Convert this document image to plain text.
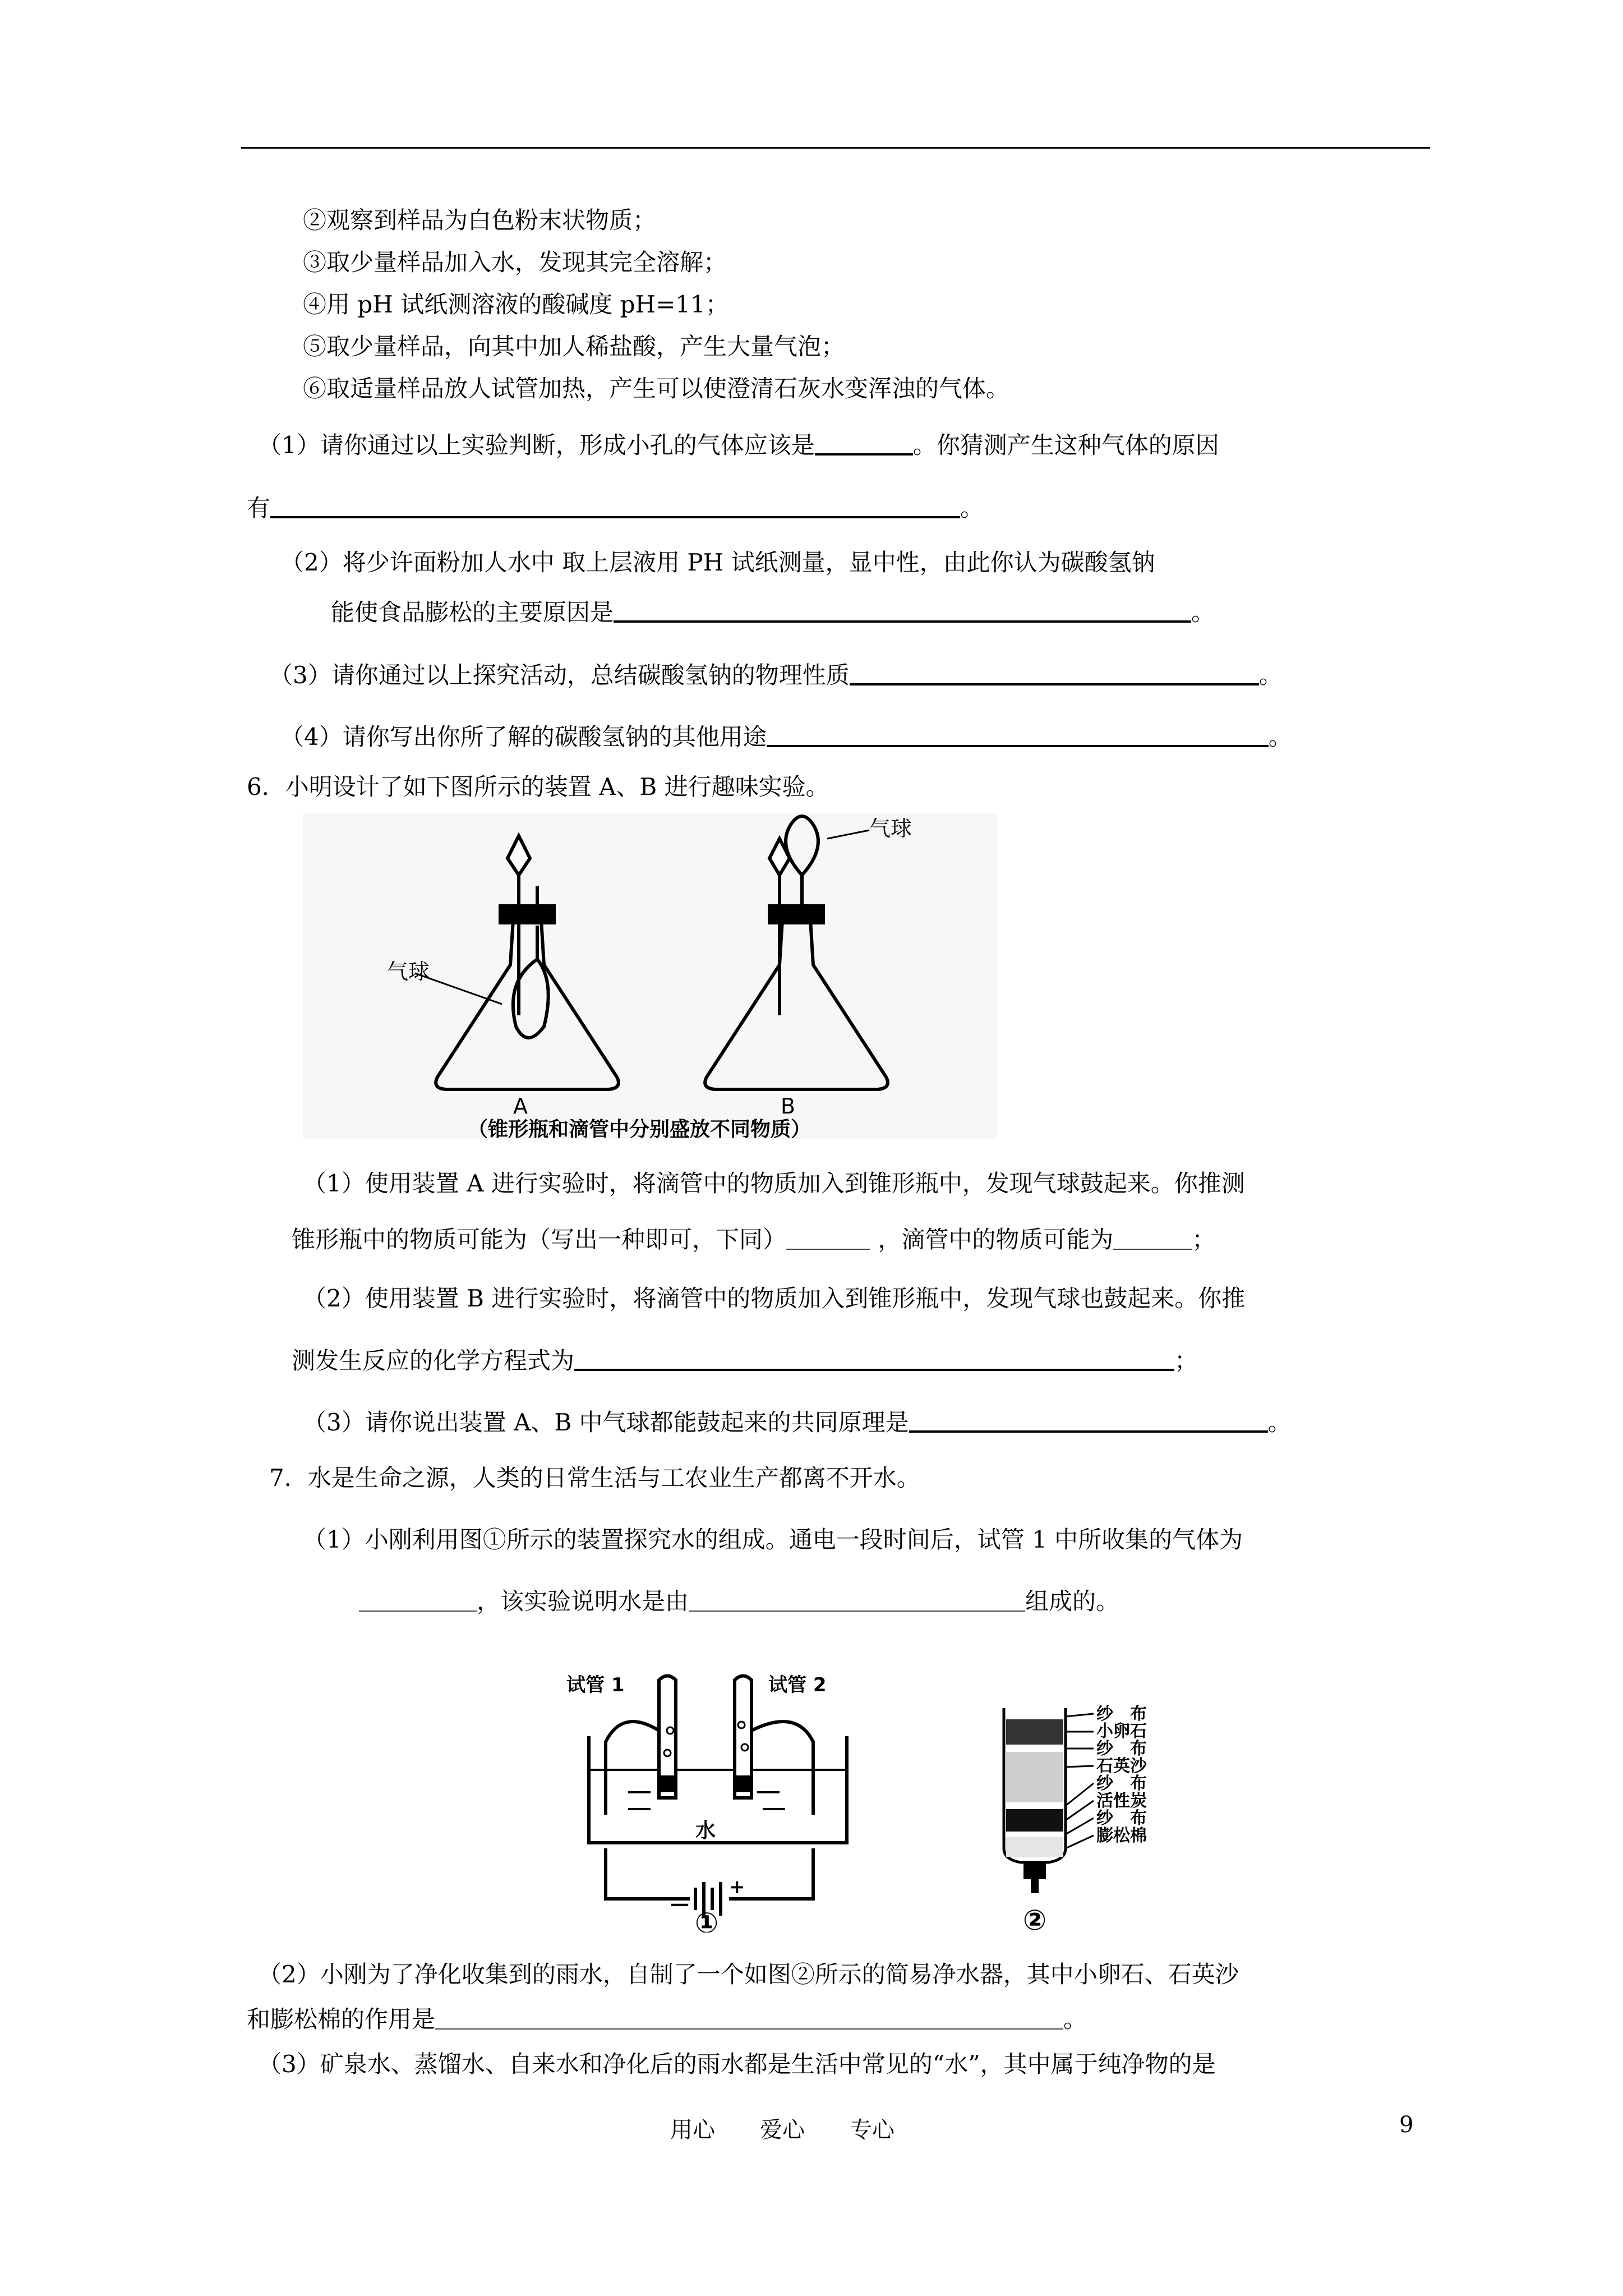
②观察到样品为白色粉末状物质；
③取少量样品加入水，发现其完全溶解；
④用 pH 试纸测溶液的酸碱度 pH=11；
⑤取少量样品，向其中加人稀盐酸，产生大量气泡；
⑥取适量样品放人试管加热，产生可以使澄清石灰水变浑浊的气体。
（1）请你通过以上实验判断，形成小孔的气体应该是	。你猜测产生这种气体的原因
有	。
（2）将少许面粉加人水中 取上层液用 PH 试纸测量，显中性，由此你认为碳酸氢钠
能使食品膨松的主要原因是	。
（3）请你通过以上探究活动，总结碳酸氢钠的物理性质	。
（4）请你写出你所了解的碳酸氢钠的其他用途	。
6．小明设计了如下图所示的装置 A、B 进行趣味实验。
气球
气球
A	B
（锥形瓶和滴管中分别盛放不同物质）
（1）使用装置 A 进行实验时，将滴管中的物质加入到锥形瓶中，发现气球鼓起来。你推测
锥形瓶中的物质可能为（写出一种即可，下同）	，滴管中的物质可能为	；
（2）使用装置 B 进行实验时，将滴管中的物质加入到锥形瓶中，发现气球也鼓起来。你推
测发生反应的化学方程式为	；
（3）请你说出装置 A、B 中气球都能鼓起来的共同原理是	。
7．水是生命之源，人类的日常生活与工农业生产都离不开水。
（1）小刚利用图①所示的装置探究水的组成。通电一段时间后，试管 1 中所收集的气体为
，该实验说明水是由	组成的。
试管 1	试管 2
水
—
+
①
纱　布
小卵石
纱　布
石英沙
纱　布
活性炭
纱　布
膨松棉
②
（2）小刚为了净化收集到的雨水，自制了一个如图②所示的简易净水器，其中小卵石、石英沙
和膨松棉的作用是	。
（3）矿泉水、蒸馏水、自来水和净化后的雨水都是生活中常见的“水”，其中属于纯净物的是
用心　　爱心　　专心	9
